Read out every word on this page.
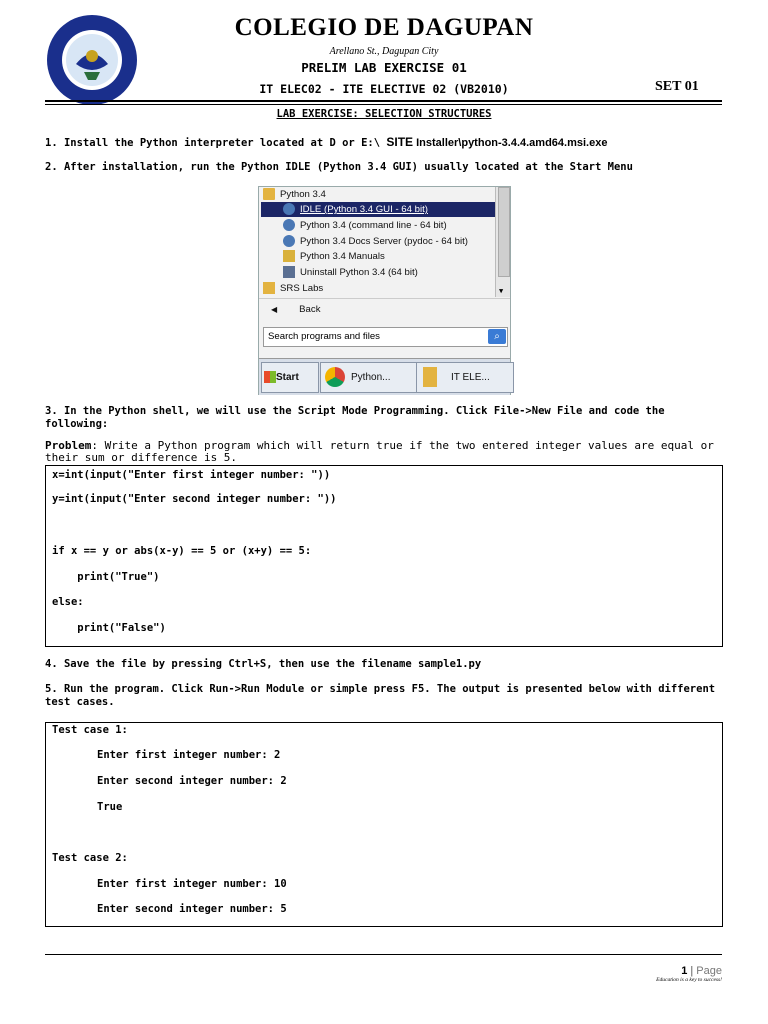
COLEGIO DE DAGUPAN
Arellano St., Dagupan City
PRELIM LAB EXERCISE 01
IT ELEC02 - ITE ELECTIVE 02 (VB2010)	SET 01
LAB EXERCISE: SELECTION STRUCTURES
1. Install the Python interpreter located at D or E:\ SITE Installer\python-3.4.4.amd64.msi.exe
2. After installation, run the Python IDLE (Python 3.4 GUI) usually located at the Start Menu
Python 3.4
IDLE (Python 3.4 GUI - 64 bit)
Python 3.4 (command line - 64 bit)
Python 3.4 Docs Server (pydoc - 64 bit)
Python 3.4 Manuals
Uninstall Python 3.4 (64 bit)
SRS Labs	▼
◀ Back
Search programs and files	⌕
Start	Python...	IT ELE...
3. In the Python shell, we will use the Script Mode Programming. Click File->New File and code the following:
Problem: Write a Python program which will return true if the two entered integer values are equal or their sum or difference is 5.
x=int(input("Enter first integer number: "))
y=int(input("Enter second integer number: "))
if x == y or abs(x-y) == 5 or (x+y) == 5:
print("True")
else:
print("False")
4. Save the file by pressing Ctrl+S, then use the filename sample1.py
5. Run the program. Click Run->Run Module or simple press F5. The output is presented below with different test cases.
Test case 1:
Enter first integer number: 2
Enter second integer number: 2
True
Test case 2:
Enter first integer number: 10
Enter second integer number: 5
1 | Page
Education is a key to success!
